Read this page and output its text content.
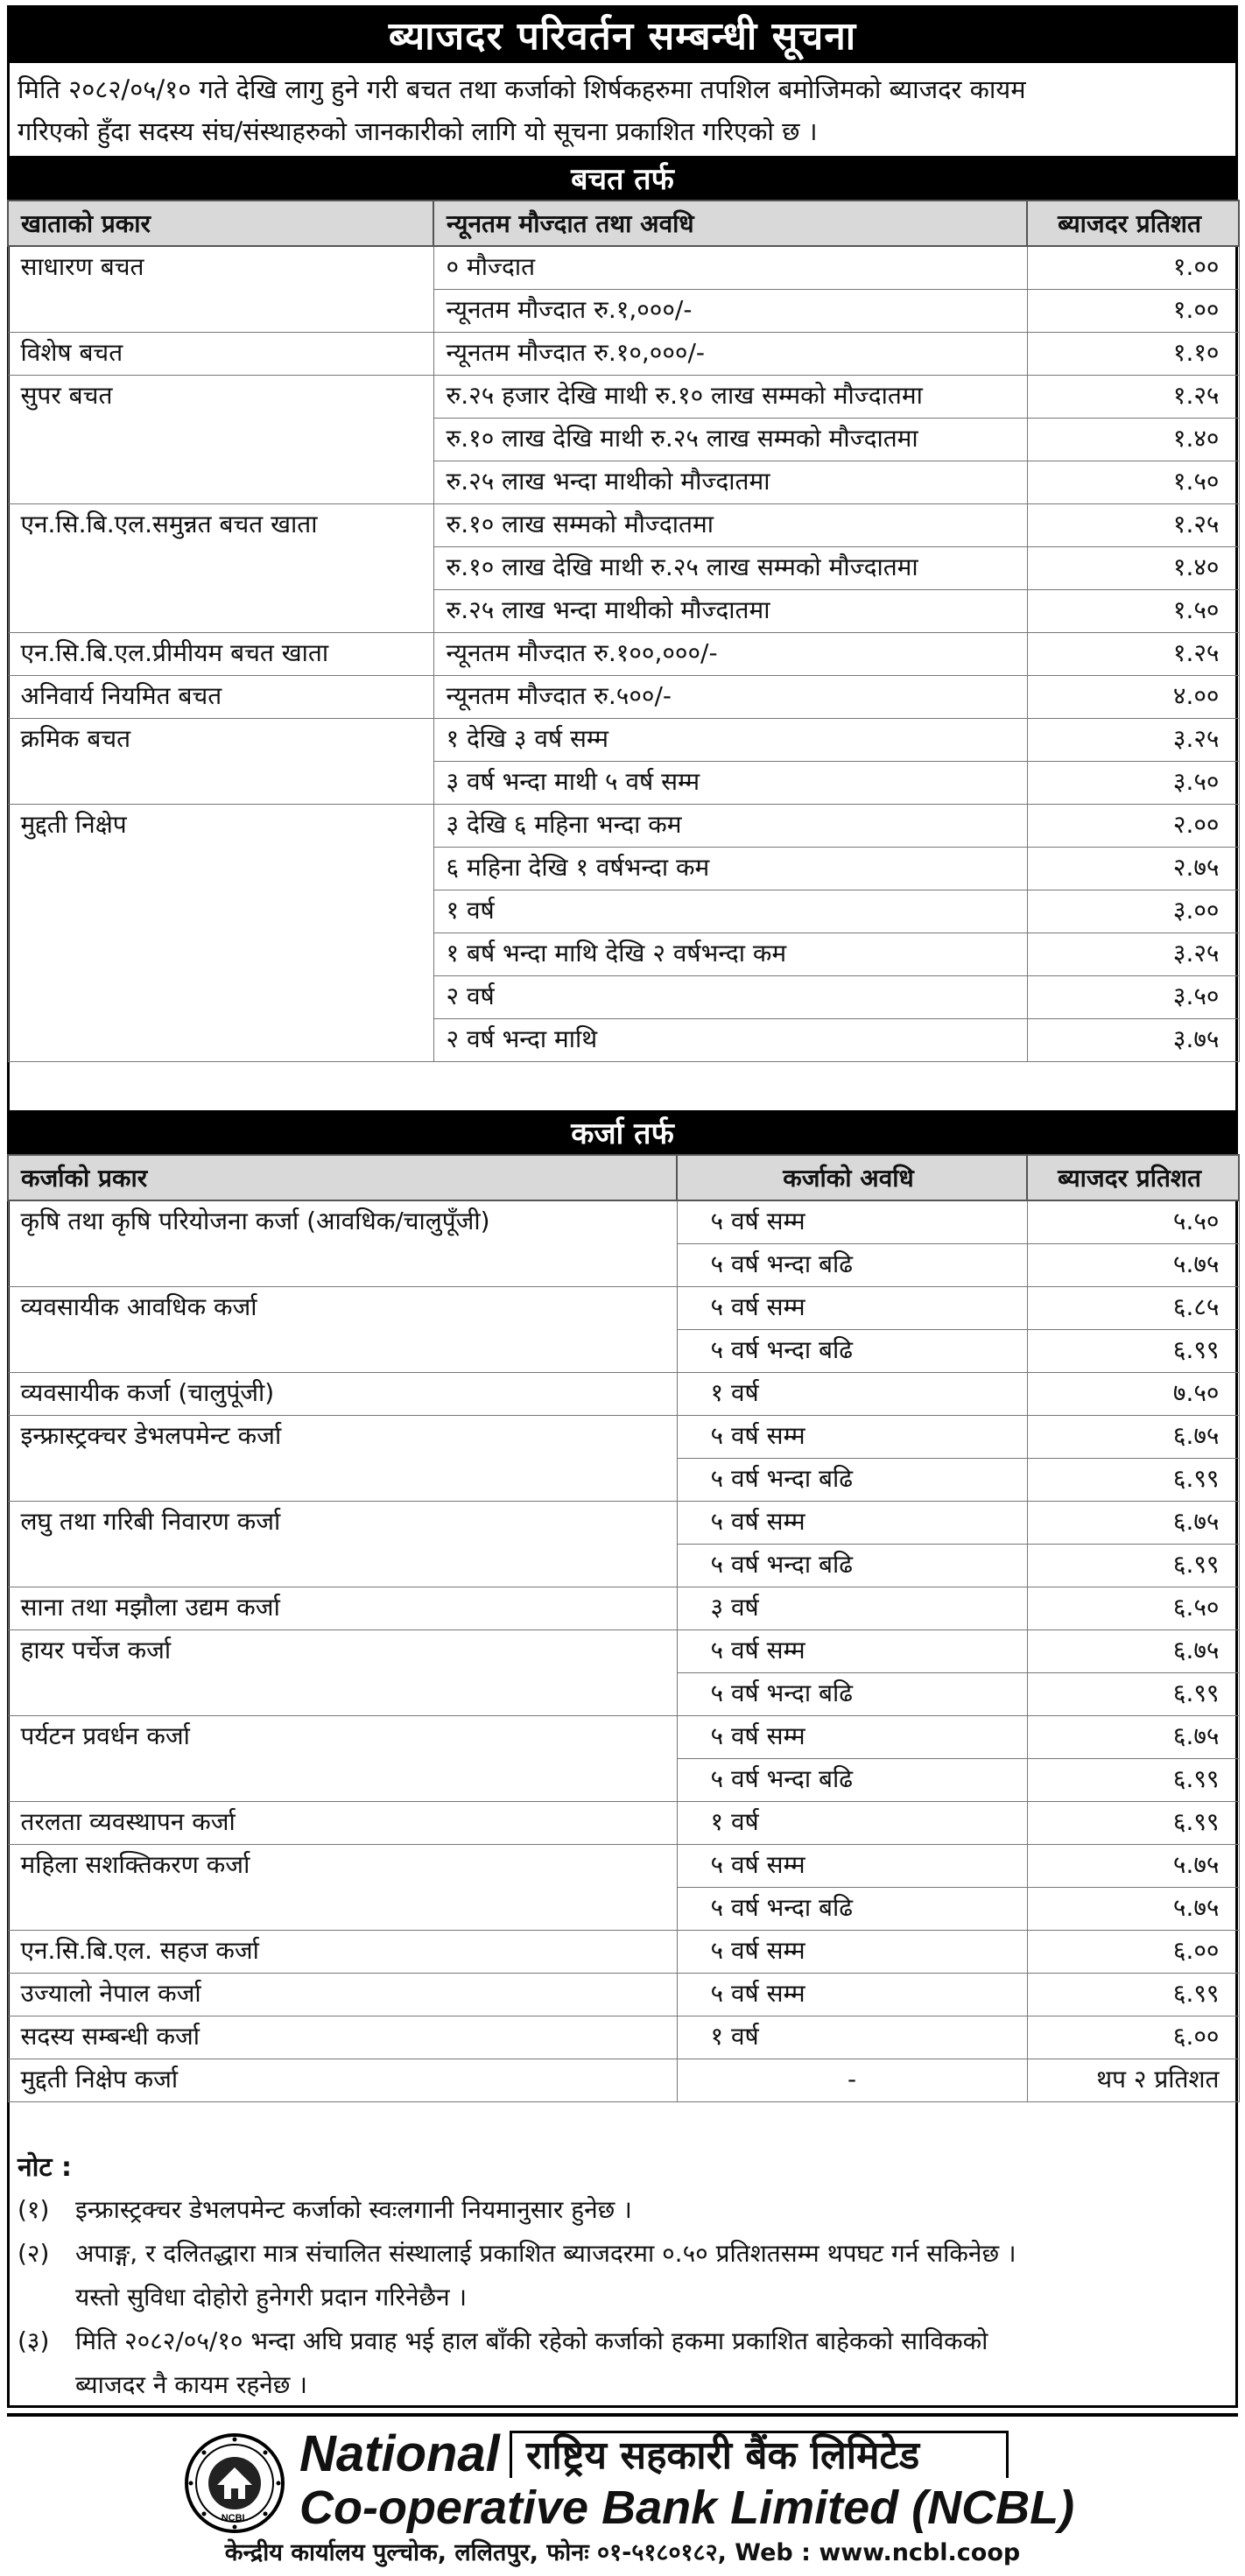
ब्याजदर परिवर्तन सम्बन्धी सूचना
मिति २०८२/०५/१० गते देखि लागु हुने गरी बचत तथा कर्जाको शिर्षकहरुमा तपशिल बमोजिमको ब्याजदर कायम
गरिएको हुँदा सदस्य संघ/संस्थाहरुको जानकारीको लागि यो सूचना प्रकाशित गरिएको छ ।
बचत तर्फ
खाताको प्रकार	न्यूनतम मौज्दात तथा अवधि	ब्याजदर प्रतिशत
साधारण बचत	० मौज्दात	१.००
	न्यूनतम मौज्दात रु.१,०००/-	१.००
विशेष बचत	न्यूनतम मौज्दात रु.१०,०००/-	१.१०
सुपर बचत	रु.२५ हजार देखि माथी रु.१० लाख सम्मको मौज्दातमा	१.२५
	रु.१० लाख देखि माथी रु.२५ लाख सम्मको मौज्दातमा	१.४०
	रु.२५ लाख भन्दा माथीको मौज्दातमा	१.५०
एन.सि.बि.एल.समुन्नत बचत खाता	रु.१० लाख सम्मको मौज्दातमा	१.२५
	रु.१० लाख देखि माथी रु.२५ लाख सम्मको मौज्दातमा	१.४०
	रु.२५ लाख भन्दा माथीको मौज्दातमा	१.५०
एन.सि.बि.एल.प्रीमीयम बचत खाता	न्यूनतम मौज्दात रु.१००,०००/-	१.२५
अनिवार्य नियमित बचत	न्यूनतम मौज्दात रु.५००/-	४.००
क्रमिक बचत	१ देखि ३ वर्ष सम्म	३.२५
	३ वर्ष भन्दा माथी ५ वर्ष सम्म	३.५०
मुद्दती निक्षेप	३ देखि ६ महिना भन्दा कम	२.००
	६ महिना देखि १ वर्षभन्दा कम	२.७५
	१ वर्ष	३.००
	१ बर्ष भन्दा माथि देखि २ वर्षभन्दा कम	३.२५
	२ वर्ष	३.५०
	२ वर्ष भन्दा माथि	३.७५
कर्जा तर्फ
कर्जाको प्रकार	कर्जाको अवधि	ब्याजदर प्रतिशत
कृषि तथा कृषि परियोजना कर्जा (आवधिक/चालुपूँजी)	५ वर्ष सम्म	५.५०
	५ वर्ष भन्दा बढि	५.७५
व्यवसायीक आवधिक कर्जा	५ वर्ष सम्म	६.८५
	५ वर्ष भन्दा बढि	६.९९
व्यवसायीक कर्जा (चालुपूंजी)	१ वर्ष	७.५०
इन्फ्रास्ट्रक्चर डेभलपमेन्ट कर्जा	५ वर्ष सम्म	६.७५
	५ वर्ष भन्दा बढि	६.९९
लघु तथा गरिबी निवारण कर्जा	५ वर्ष सम्म	६.७५
	५ वर्ष भन्दा बढि	६.९९
साना तथा मझौला उद्यम कर्जा	३ वर्ष	६.५०
हायर पर्चेज कर्जा	५ वर्ष सम्म	६.७५
	५ वर्ष भन्दा बढि	६.९९
पर्यटन प्रवर्धन कर्जा	५ वर्ष सम्म	६.७५
	५ वर्ष भन्दा बढि	६.९९
तरलता व्यवस्थापन कर्जा	१ वर्ष	६.९९
महिला सशक्तिकरण कर्जा	५ वर्ष सम्म	५.७५
	५ वर्ष भन्दा बढि	५.७५
एन.सि.बि.एल. सहज कर्जा	५ वर्ष सम्म	६.००
उज्यालो नेपाल कर्जा	५ वर्ष सम्म	६.९९
सदस्य सम्बन्धी कर्जा	१ वर्ष	६.००
मुद्दती निक्षेप कर्जा	-	थप २ प्रतिशत
नोट :
(१)	इन्फ्रास्ट्रक्चर डेभलपमेन्ट कर्जाको स्वःलगानी नियमानुसार हुनेछ ।
(२)	अपाङ्ग, र दलितद्धारा मात्र संचालित संस्थालाई प्रकाशित ब्याजदरमा ०.५० प्रतिशतसम्म थपघट गर्न सकिनेछ ।
यस्तो सुविधा दोहोरो हुनेगरी प्रदान गरिनेछैन ।
(३)	मिति २०८२/०५/१० भन्दा अघि प्रवाह भई हाल बाँकी रहेको कर्जाको हकमा प्रकाशित बाहेकको साविकको
ब्याजदर नै कायम रहनेछ ।
NCBL
National राष्ट्रिय सहकारी बैंक लिमिटेड
Co-operative Bank Limited (NCBL)
केन्द्रीय कार्यालय पुल्चोक, ललितपुर, फोनः ०१-५१८०१८२, Web : www.ncbl.coop
